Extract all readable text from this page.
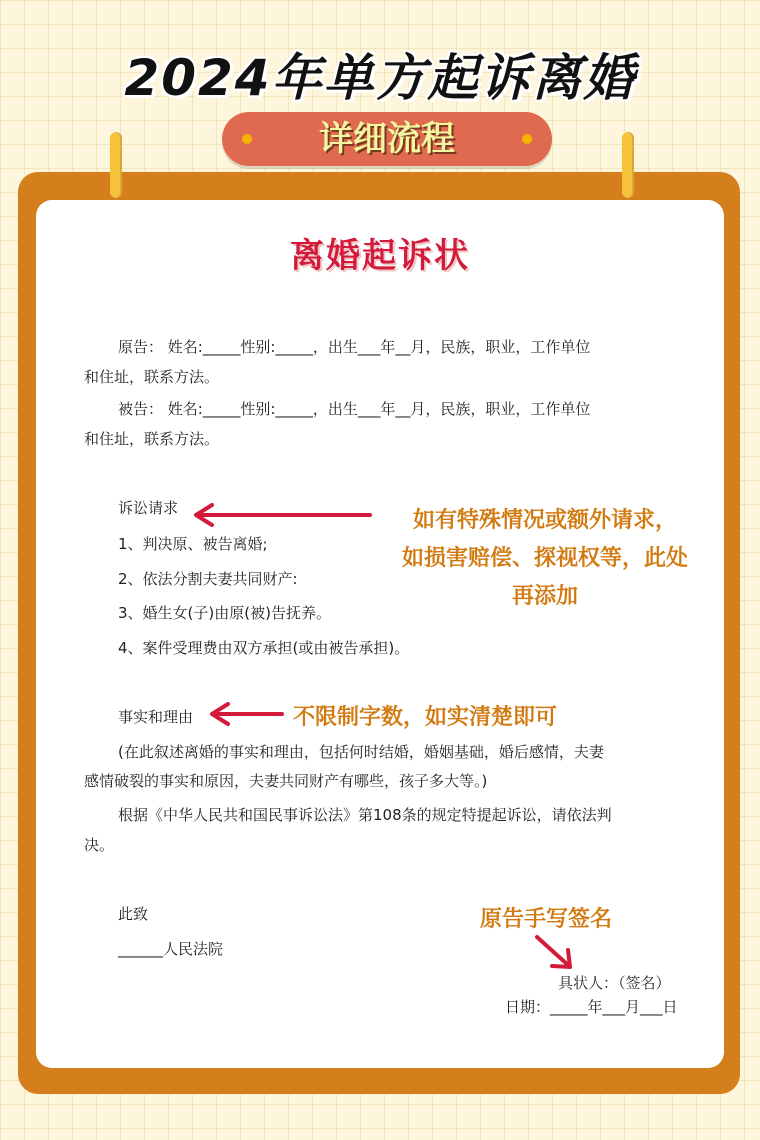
2024年单方起诉离婚
详细流程
离婚起诉状
原告： 姓名:_____性别:_____，出生___年__月，民族，职业，工作单位
和住址，联系方法。
被告： 姓名:_____性别:_____，出生___年__月，民族，职业，工作单位
和住址，联系方法。
诉讼请求
1、判决原、被告离婚;
2、依法分割夫妻共同财产:
3、婚生女(子)由原(被)告抚养。
4、案件受理费由双方承担(或由被告承担)。
事实和理由
(在此叙述离婚的事实和理由，包括何时结婚，婚姻基础，婚后感情，夫妻
感情破裂的事实和原因，夫妻共同财产有哪些，孩子多大等。)
根据《中华人民共和国民事诉讼法》第108条的规定特提起诉讼，请依法判
决。
此致
______人民法院
具状人：（签名）
日期：_____年___月___日
如有特殊情况或额外请求，
如损害赔偿、探视权等，此处
再添加
不限制字数，如实清楚即可
原告手写签名
